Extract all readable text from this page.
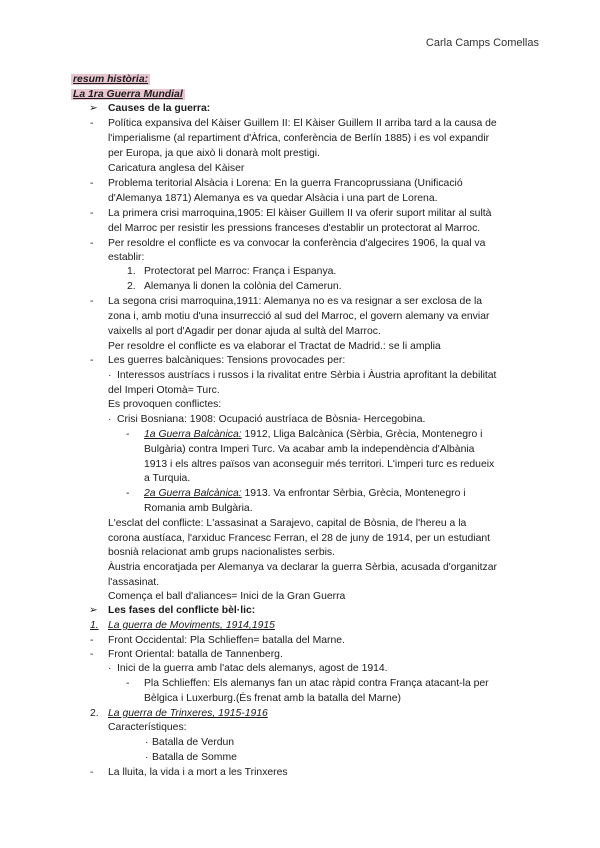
Carla Camps Comellas
resum història:
La 1ra Guerra Mundial
➢ Causes de la guerra:
- Política expansiva del Kàiser Guillem II: El Kàiser Guillem II arriba tard a la causa de
l'imperialisme (al repartiment d'Àfrica, conferència de Berlín 1885) i es vol expandir
per Europa, ja que això li donarà molt prestigi.
Caricatura anglesa del Kàiser
- Problema teritorial Alsàcia i Lorena: En la guerra Francoprussiana (Unificació
d'Alemanya 1871) Alemanya es va quedar Alsàcia i una part de Lorena.
- La primera crisi marroquina,1905: El kàiser Guillem II va oferir suport militar al sultà
del Marroc per resistir les pressions franceses d'establir un protectorat al Marroc.
- Per resoldre el conflicte es va convocar la conferència d'algecires 1906, la qual va
establir:
1. Protectorat pel Marroc: França i Espanya.
2. Alemanya li donen la colònia del Camerun.
- La segona crisi marroquina,1911: Alemanya no es va resignar a ser exclosa de la
zona i, amb motiu d'una insurrecció al sud del Marroc, el govern alemany va enviar
vaixells al port d'Agadir per donar ajuda al sultà del Marroc.
Per resoldre el conflicte es va elaborar el Tractat de Madrid.: se li amplia
- Les guerres balcàniques: Tensions provocades per:
· Interessos austríacs i russos i la rivalitat entre Sèrbia i Àustria aprofitant la debilitat
del Imperi Otomà= Turc.
Es provoquen conflictes:
· Crisi Bosniana: 1908: Ocupació austríaca de Bòsnia- Hercegobina.
- 1a Guerra Balcànica: 1912, Lliga Balcànica (Sèrbia, Grècia, Montenegro i
Bulgària) contra Imperi Turc. Va acabar amb la independència d'Albània
1913 i els altres països van aconseguir més territori. L'imperi turc es redueix
a Turquia.
- 2a Guerra Balcànica: 1913. Va enfrontar Sèrbia, Grècia, Montenegro i
Romania amb Bulgària.
L'esclat del conflicte: L'assasinat a Sarajevo, capital de Bòsnia, de l'hereu a la
corona austíaca, l'arxiduc Francesc Ferran, el 28 de juny de 1914, per un estudiant
bosnià relacionat amb grups nacionalistes serbis.
Àustria encoratjada per Alemanya va declarar la guerra Sèrbia, acusada d'organitzar
l'assasinat.
Comença el ball d'aliances= Inici de la Gran Guerra
➢ Les fases del conflicte bèl·lic:
1. La guerra de Moviments, 1914,1915
- Front Occidental: Pla Schlieffen= batalla del Marne.
- Front Oriental: batalla de Tannenberg.
· Inici de la guerra amb l'atac dels alemanys, agost de 1914.
- Pla Schlieffen: Els alemanys fan un atac ràpid contra França atacant-la per
Bèlgica i Luxerburg.(És frenat amb la batalla del Marne)
2. La guerra de Trinxeres, 1915-1916
Característiques:
· Batalla de Verdun
· Batalla de Somme
- La lluita, la vida i a mort a les Trinxeres
